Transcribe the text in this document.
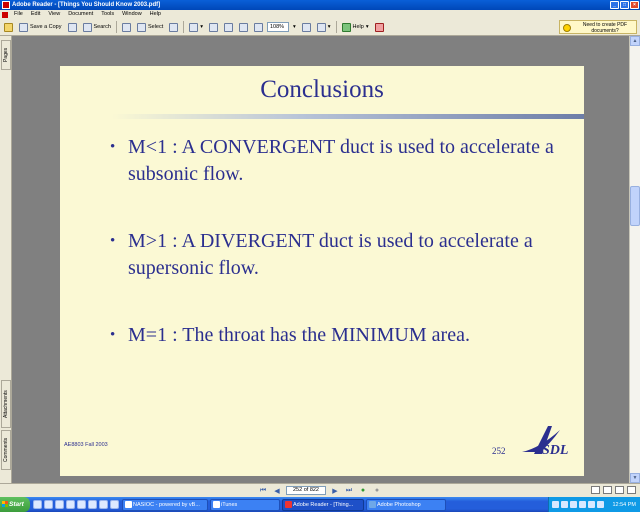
Adobe Reader - [Things You Should Know 2003.pdf]	_	□	×
File	Edit	View	Document	Tools	Window	Help
Save a Copy	Search	Select	▾	108%	▾	▾	Help ▾	Need to create PDF documents?
Pages
Attachments
Comments
Conclusions
• M<1 : A CONVERGENT duct is used to accelerate a subsonic flow.
• M>1 : A DIVERGENT duct is used to accelerate a supersonic flow.
• M=1 : The throat has the MINIMUM area.
AE8803 Fall 2003
252	SDL
▲
▼
⏮	◀	252 of 822	▶	⏭	●	●
Start	NASIOC - powered by vB...	iTunes	Adobe Reader - [Thing...	Adobe Photoshop	12:54 PM
